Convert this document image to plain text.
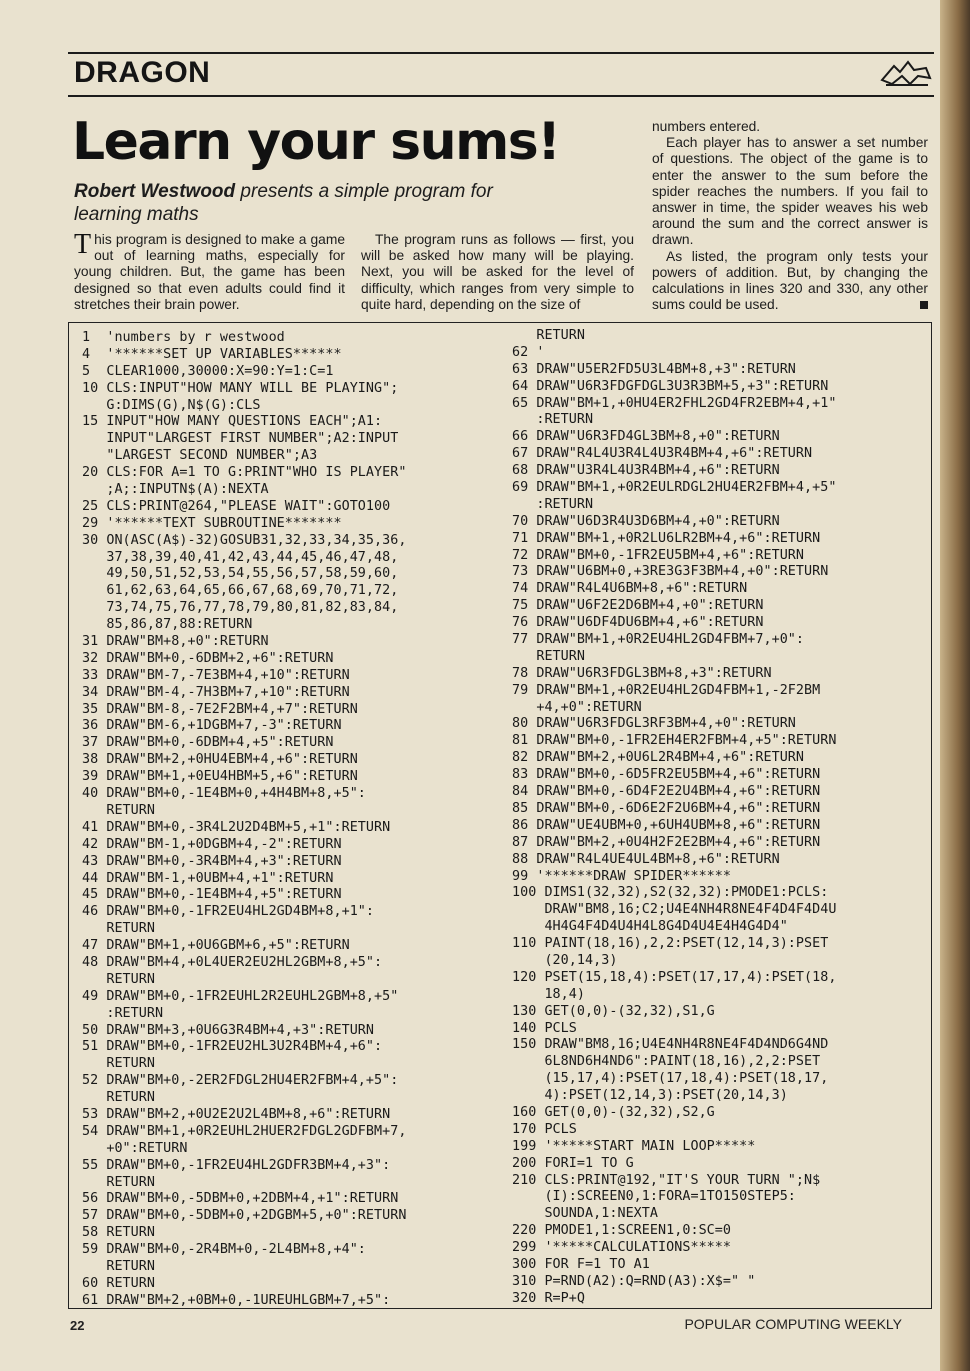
DRAGON
Learn your sums!
Robert Westwood presents a simple program for learning maths

This program is designed to make a game out of learning maths, especially for young children. But, the game has been designed so that even adults could find it stretches their brain power.

The program runs as follows — first, you will be asked how many will be playing. Next, you will be asked for the level of difficulty, which ranges from very simple to quite hard, depending on the size of

numbers entered.

Each player has to answer a set number of questions. The object of the game is to enter the answer to the sum before the spider reaches the numbers. If you fail to answer in time, the spider weaves his web around the sum and the correct answer is drawn.

As listed, the program only tests your powers of addition. But, by changing the calculations in lines 320 and 330, any other sums could be used.

1  'numbers by r westwood
4  '******SET UP VARIABLES******
5  CLEAR1000,30000:X=90:Y=1:C=1
10 CLS:INPUT"HOW MANY WILL BE PLAYING";
G:DIMS(G),N$(G):CLS
15 INPUT"HOW MANY QUESTIONS EACH";A1:
INPUT"LARGEST FIRST NUMBER";A2:INPUT
"LARGEST SECOND NUMBER";A3
20 CLS:FOR A=1 TO G:PRINT"WHO IS PLAYER"
;A;:INPUTN$(A):NEXTA
25 CLS:PRINT@264,"PLEASE WAIT":GOTO100
29 '******TEXT SUBROUTINE*******
30 ON(ASC(A$)-32)GOSUB31,32,33,34,35,36,
37,38,39,40,41,42,43,44,45,46,47,48,
49,50,51,52,53,54,55,56,57,58,59,60,
61,62,63,64,65,66,67,68,69,70,71,72,
73,74,75,76,77,78,79,80,81,82,83,84,
85,86,87,88:RETURN
31 DRAW"BM+8,+0":RETURN
32 DRAW"BM+0,-6DBM+2,+6":RETURN
33 DRAW"BM-7,-7E3BM+4,+10":RETURN
34 DRAW"BM-4,-7H3BM+7,+10":RETURN
35 DRAW"BM-8,-7E2F2BM+4,+7":RETURN
36 DRAW"BM-6,+1DGBM+7,-3":RETURN
37 DRAW"BM+0,-6DBM+4,+5":RETURN
38 DRAW"BM+2,+0HU4EBM+4,+6":RETURN
39 DRAW"BM+1,+0EU4HBM+5,+6":RETURN
40 DRAW"BM+0,-1E4BM+0,+4H4BM+8,+5":
RETURN
41 DRAW"BM+0,-3R4L2U2D4BM+5,+1":RETURN
42 DRAW"BM-1,+0DGBM+4,-2":RETURN
43 DRAW"BM+0,-3R4BM+4,+3":RETURN
44 DRAW"BM-1,+0UBM+4,+1":RETURN
45 DRAW"BM+0,-1E4BM+4,+5":RETURN
46 DRAW"BM+0,-1FR2EU4HL2GD4BM+8,+1":
RETURN
47 DRAW"BM+1,+0U6GBM+6,+5":RETURN
48 DRAW"BM+4,+0L4UER2EU2HL2GBM+8,+5":
RETURN
49 DRAW"BM+0,-1FR2EUHL2R2EUHL2GBM+8,+5"
:RETURN
50 DRAW"BM+3,+0U6G3R4BM+4,+3":RETURN
51 DRAW"BM+0,-1FR2EU2HL3U2R4BM+4,+6":
RETURN
52 DRAW"BM+0,-2ER2FDGL2HU4ER2FBM+4,+5":
RETURN
53 DRAW"BM+2,+0U2E2U2L4BM+8,+6":RETURN
54 DRAW"BM+1,+0R2EUHL2HUER2FDGL2GDFBM+7,
+0":RETURN
55 DRAW"BM+0,-1FR2EU4HL2GDFR3BM+4,+3":
RETURN
56 DRAW"BM+0,-5DBM+0,+2DBM+4,+1":RETURN
57 DRAW"BM+0,-5DBM+0,+2DGBM+5,+0":RETURN
58 RETURN
59 DRAW"BM+0,-2R4BM+0,-2L4BM+8,+4":
RETURN
60 RETURN
61 DRAW"BM+2,+0BM+0,-1UREUHLGBM+7,+5":
RETURN
62 '
63 DRAW"U5ER2FD5U3L4BM+8,+3":RETURN
64 DRAW"U6R3FDGFDGL3U3R3BM+5,+3":RETURN
65 DRAW"BM+1,+0HU4ER2FHL2GD4FR2EBM+4,+1"
:RETURN
66 DRAW"U6R3FD4GL3BM+8,+0":RETURN
67 DRAW"R4L4U3R4L4U3R4BM+4,+6":RETURN
68 DRAW"U3R4L4U3R4BM+4,+6":RETURN
69 DRAW"BM+1,+0R2EULRDGL2HU4ER2FBM+4,+5"
:RETURN
70 DRAW"U6D3R4U3D6BM+4,+0":RETURN
71 DRAW"BM+1,+0R2LU6LR2BM+4,+6":RETURN
72 DRAW"BM+0,-1FR2EU5BM+4,+6":RETURN
73 DRAW"U6BM+0,+3RE3G3F3BM+4,+0":RETURN
74 DRAW"R4L4U6BM+8,+6":RETURN
75 DRAW"U6F2E2D6BM+4,+0":RETURN
76 DRAW"U6DF4DU6BM+4,+6":RETURN
77 DRAW"BM+1,+0R2EU4HL2GD4FBM+7,+0":
RETURN
78 DRAW"U6R3FDGL3BM+8,+3":RETURN
79 DRAW"BM+1,+0R2EU4HL2GD4FBM+1,-2F2BM
+4,+0":RETURN
80 DRAW"U6R3FDGL3RF3BM+4,+0":RETURN
81 DRAW"BM+0,-1FR2EH4ER2FBM+4,+5":RETURN
82 DRAW"BM+2,+0U6L2R4BM+4,+6":RETURN
83 DRAW"BM+0,-6D5FR2EU5BM+4,+6":RETURN
84 DRAW"BM+0,-6D4F2E2U4BM+4,+6":RETURN
85 DRAW"BM+0,-6D6E2F2U6BM+4,+6":RETURN
86 DRAW"UE4UBM+0,+6UH4UBM+8,+6":RETURN
87 DRAW"BM+2,+0U4H2F2E2BM+4,+6":RETURN
88 DRAW"R4L4UE4UL4BM+8,+6":RETURN
99 '******DRAW SPIDER******
100 DIMS1(32,32),S2(32,32):PMODE1:PCLS:
DRAW"BM8,16;C2;U4E4NH4R8NE4F4D4F4D4U
4H4G4F4D4U4H4L8G4D4U4E4H4G4D4"
110 PAINT(18,16),2,2:PSET(12,14,3):PSET
(20,14,3)
120 PSET(15,18,4):PSET(17,17,4):PSET(18,
18,4)
130 GET(0,0)-(32,32),S1,G
140 PCLS
150 DRAW"BM8,16;U4E4NH4R8NE4F4D4ND6G4ND
6L8ND6H4ND6":PAINT(18,16),2,2:PSET
(15,17,4):PSET(17,18,4):PSET(18,17,
4):PSET(12,14,3):PSET(20,14,3)
160 GET(0,0)-(32,32),S2,G
170 PCLS
199 '*****START MAIN LOOP*****
200 FORI=1 TO G
210 CLS:PRINT@192,"IT'S YOUR TURN ";N$
(I):SCREEN0,1:FORA=1TO150STEP5:
SOUNDA,1:NEXTA
220 PMODE1,1:SCREEN1,0:SC=0
299 '*****CALCULATIONS*****
300 FOR F=1 TO A1
310 P=RND(A2):Q=RND(A3):X$=" "
320 R=P+Q
22	POPULAR COMPUTING WEEKLY
